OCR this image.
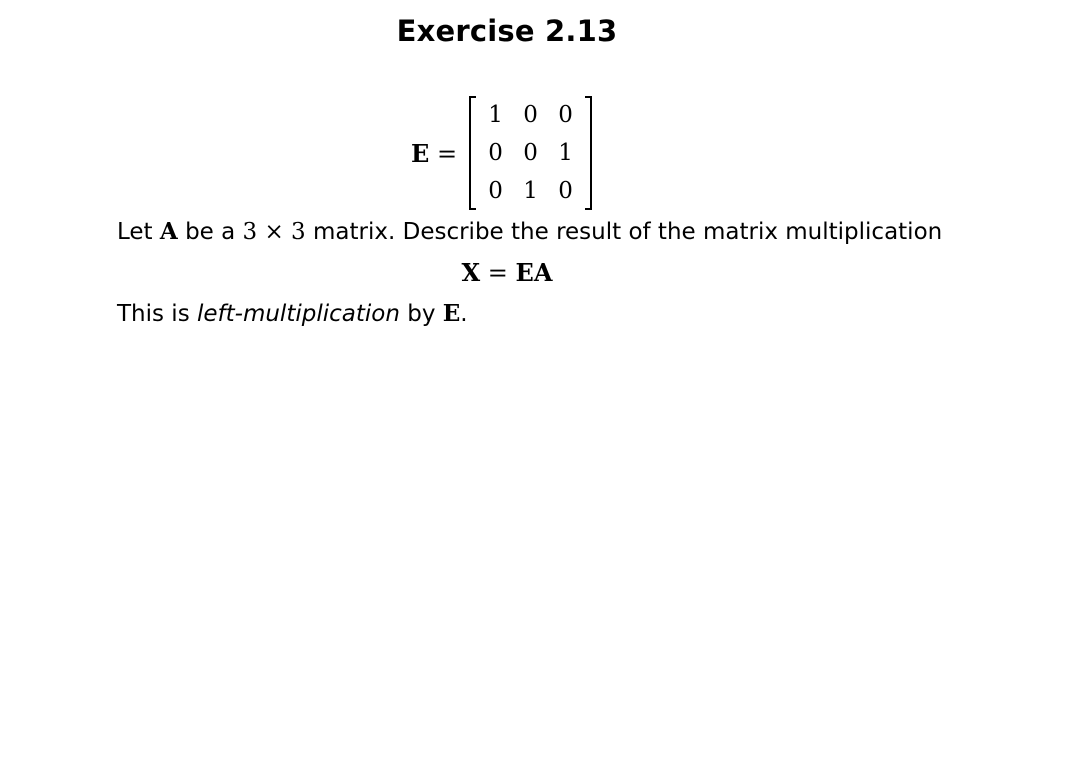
Exercise 2.13
E =
1 0 0
0 0 1
0 1 0
Let A be a 3 × 3 matrix. Describe the result of the matrix multiplication
X = EA
This is left-multiplication by E.
